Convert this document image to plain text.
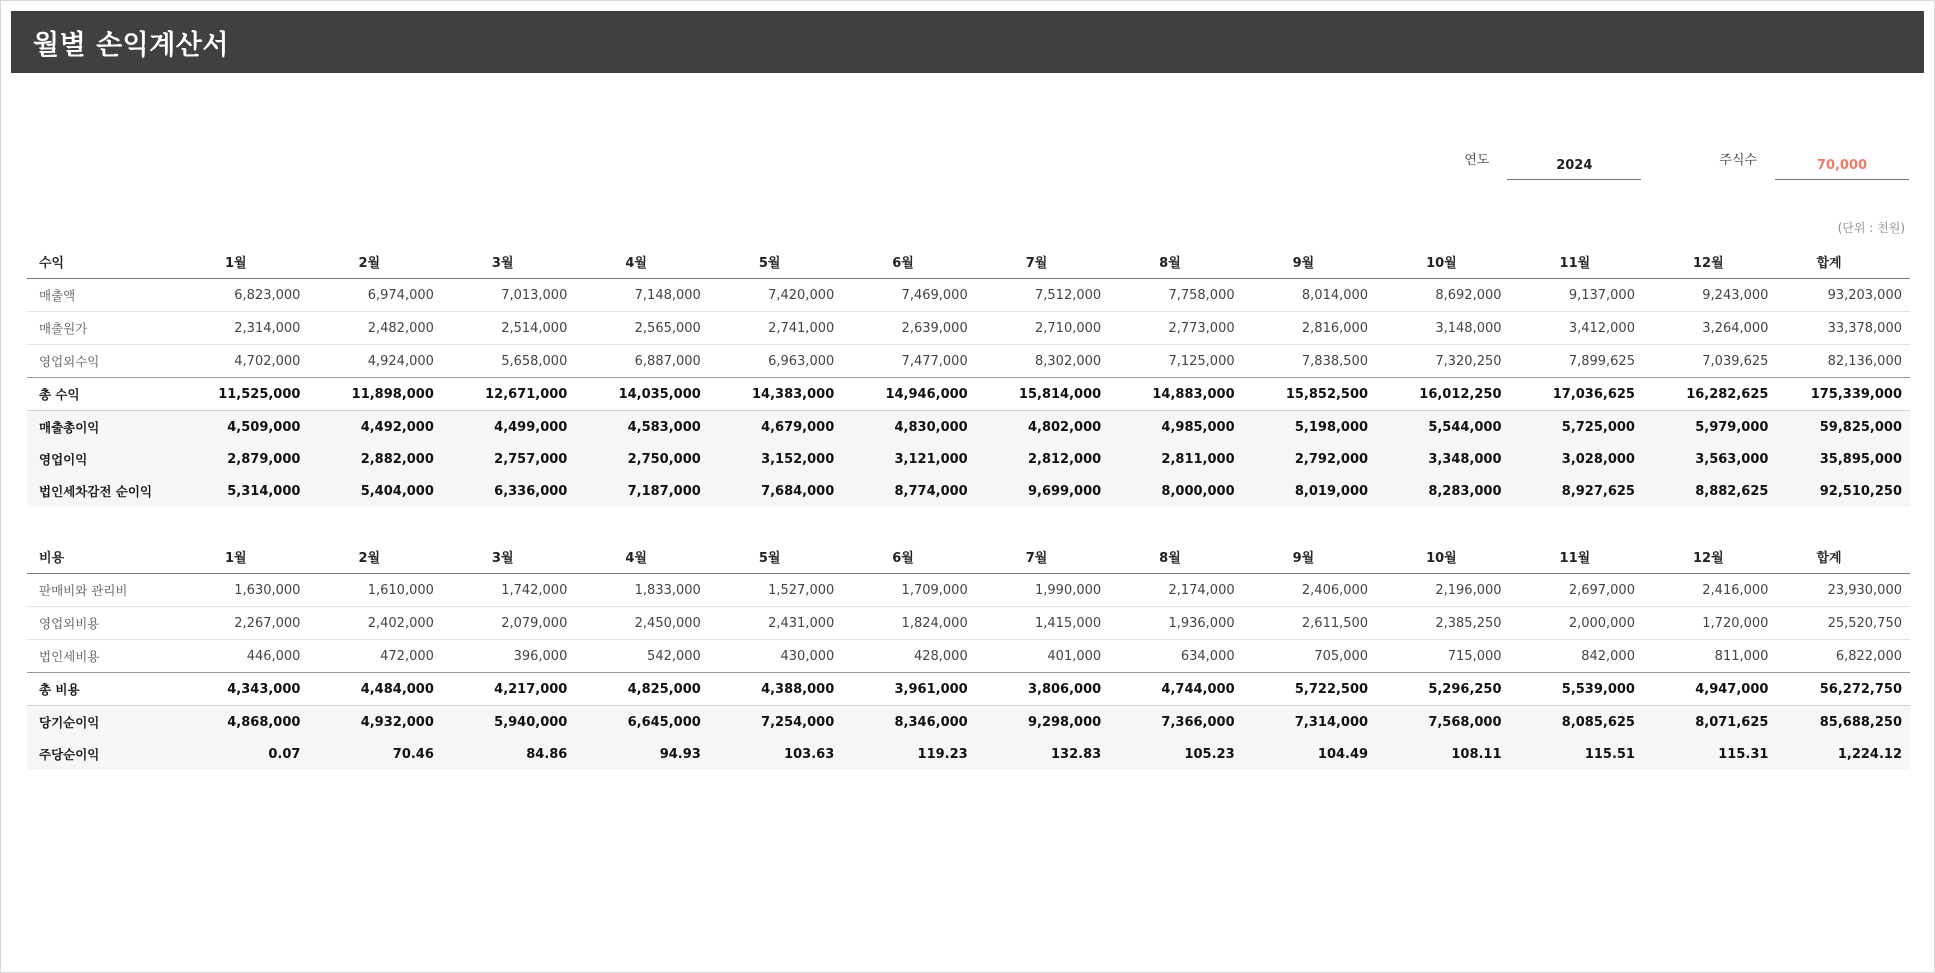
월별 손익계산서
연도
2024	주식수
70,000
(단위 : 천원)
수익	1월	2월	3월	4월	5월	6월	7월	8월	9월	10월	11월	12월	합계
매출액	6,823,000	6,974,000	7,013,000	7,148,000	7,420,000	7,469,000	7,512,000	7,758,000	8,014,000	8,692,000	9,137,000	9,243,000	93,203,000
매출원가	2,314,000	2,482,000	2,514,000	2,565,000	2,741,000	2,639,000	2,710,000	2,773,000	2,816,000	3,148,000	3,412,000	3,264,000	33,378,000
영업외수익	4,702,000	4,924,000	5,658,000	6,887,000	6,963,000	7,477,000	8,302,000	7,125,000	7,838,500	7,320,250	7,899,625	7,039,625	82,136,000
총 수익	11,525,000	11,898,000	12,671,000	14,035,000	14,383,000	14,946,000	15,814,000	14,883,000	15,852,500	16,012,250	17,036,625	16,282,625	175,339,000
매출총이익	4,509,000	4,492,000	4,499,000	4,583,000	4,679,000	4,830,000	4,802,000	4,985,000	5,198,000	5,544,000	5,725,000	5,979,000	59,825,000
영업이익	2,879,000	2,882,000	2,757,000	2,750,000	3,152,000	3,121,000	2,812,000	2,811,000	2,792,000	3,348,000	3,028,000	3,563,000	35,895,000
법인세차감전 순이익	5,314,000	5,404,000	6,336,000	7,187,000	7,684,000	8,774,000	9,699,000	8,000,000	8,019,000	8,283,000	8,927,625	8,882,625	92,510,250
비용	1월	2월	3월	4월	5월	6월	7월	8월	9월	10월	11월	12월	합계
판매비와 관리비	1,630,000	1,610,000	1,742,000	1,833,000	1,527,000	1,709,000	1,990,000	2,174,000	2,406,000	2,196,000	2,697,000	2,416,000	23,930,000
영업외비용	2,267,000	2,402,000	2,079,000	2,450,000	2,431,000	1,824,000	1,415,000	1,936,000	2,611,500	2,385,250	2,000,000	1,720,000	25,520,750
법인세비용	446,000	472,000	396,000	542,000	430,000	428,000	401,000	634,000	705,000	715,000	842,000	811,000	6,822,000
총 비용	4,343,000	4,484,000	4,217,000	4,825,000	4,388,000	3,961,000	3,806,000	4,744,000	5,722,500	5,296,250	5,539,000	4,947,000	56,272,750
당기순이익	4,868,000	4,932,000	5,940,000	6,645,000	7,254,000	8,346,000	9,298,000	7,366,000	7,314,000	7,568,000	8,085,625	8,071,625	85,688,250
주당순이익	0.07	70.46	84.86	94.93	103.63	119.23	132.83	105.23	104.49	108.11	115.51	115.31	1,224.12
